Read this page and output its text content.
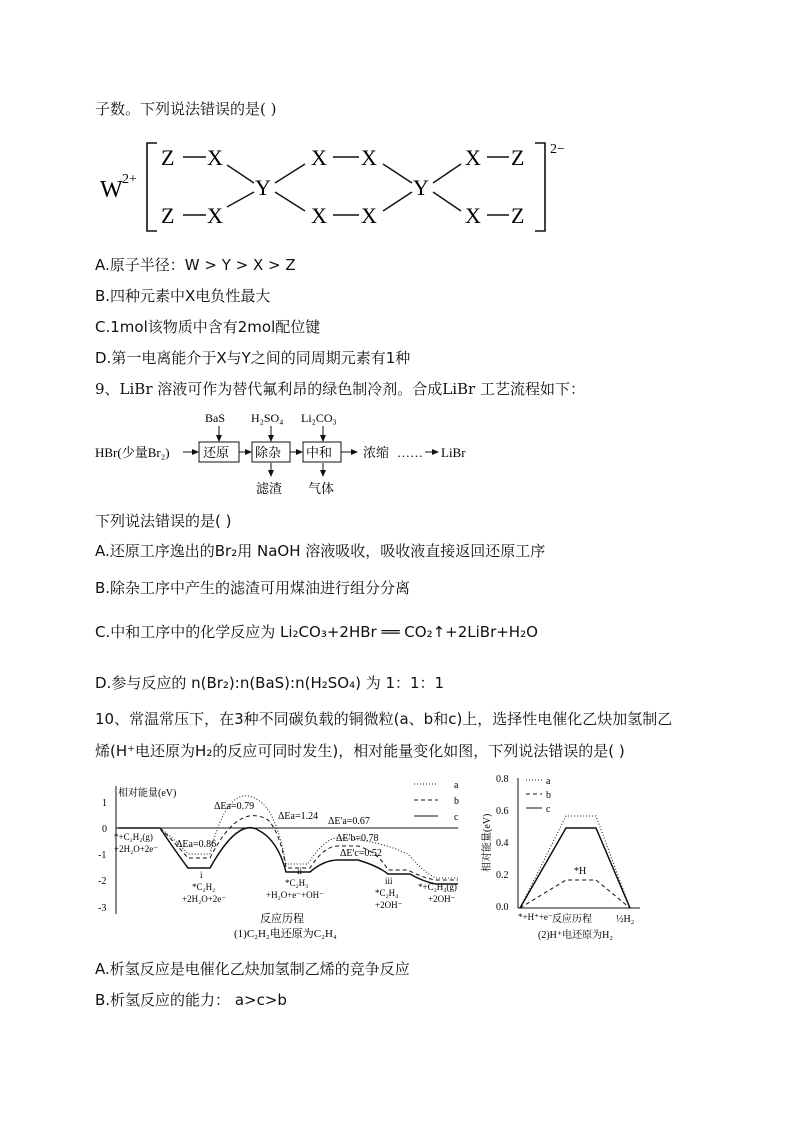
子数。下列说法错误的是( )
W 2+
2−
Z X
Z X
Y
X X
X X
Y
X Z
X Z
A.原子半径：W > Y > X > Z
B.四种元素中X电负性最大
C.1mol该物质中含有2mol配位键
D.第一电离能介于X与Y之间的同周期元素有1种
9、LiBr 溶液可作为替代氟利昂的绿色制冷剂。合成LiBr 工艺流程如下：
HBr(少量Br₂)	还原 除杂 中和 浓缩 …… LiBr
BaS H₂SO₄ Li₂CO₃
滤渣 气体
下列说法错误的是( )
A.还原工序逸出的Br₂用 NaOH 溶液吸收，吸收液直接返回还原工序
B.除杂工序中产生的滤渣可用煤油进行组分分离
C.中和工序中的化学反应为 Li₂CO₃+2HBr ══ CO₂↑+2LiBr+H₂O
D.参与反应的 n(Br₂):n(BaS):n(H₂SO₄) 为 1：1：1
10、常温常压下，在3种不同碳负载的铜微粒(a、b和c)上，选择性电催化乙炔加氢制乙
烯(H⁺电还原为H₂的反应可同时发生)，相对能量变化如图，下列说法错误的是( )
相对能量(eV)
1
0
-1
-2
-3
a
b
c
ΔEa=0.79
ΔEa=1.24 ΔE'a=0.67
ΔEa=0.86
ΔE'b=0.78
ΔE'c=0.52
*+C₂H₂(g)
+2H₂O+2e⁻
i
*C₂H₂
+2H₂O+2e⁻
ii
*C₂H₃
+H₂O+e⁻+OH⁻
iii
*C₂H₄
+2OH⁻
*+C₂H₄(g)
+2OH⁻
反应历程
(1)C₂H₂电还原为C₂H₄
0.8
0.6
0.4
0.2
0.0
相对能量(eV)
a
b
c
*H
*+H⁺+e⁻	½H₂
反应历程
(2)H⁺电还原为H₂
A.析氢反应是电催化乙炔加氢制乙烯的竞争反应
B.析氢反应的能力： a>c>b
